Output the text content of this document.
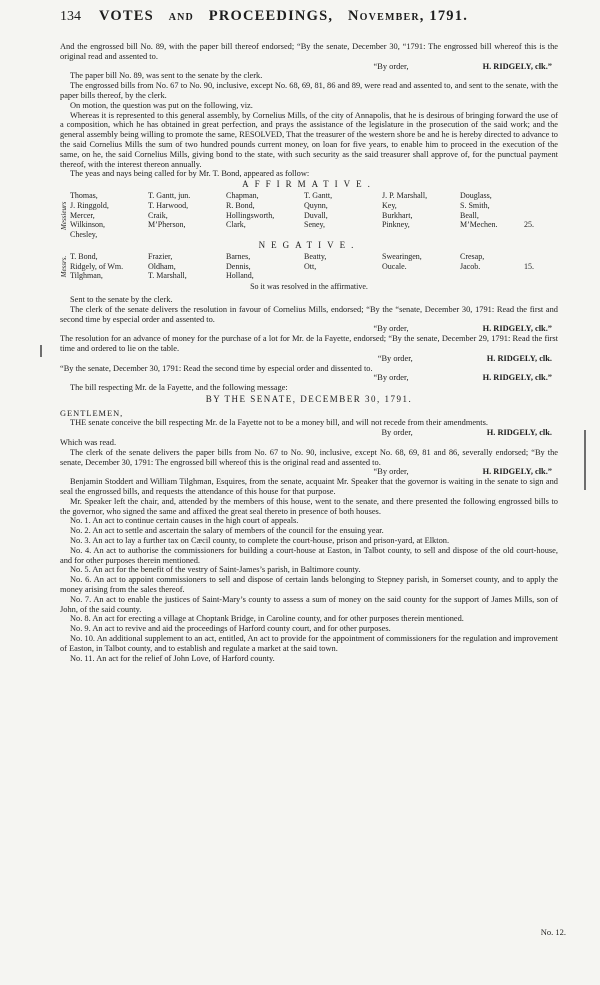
134 VOTES and PROCEEDINGS, November, 1791.

And the engrossed bill No. 89, with the paper bill thereof endorsed; “By the senate, December 30, “1791: The engrossed bill whereof this is the original read and assented to.

“By order,	H. RIDGELY, clk.”

The paper bill No. 89, was sent to the senate by the clerk.

The engrossed bills from No. 67 to No. 90, inclusive, except No. 68, 69, 81, 86 and 89, were read and assented to, and sent to the senate, with the paper bills thereof, by the clerk.

On motion, the question was put on the following, viz.

Whereas it is represented to this general assembly, by Cornelius Mills, of the city of Annapolis, that he is desirous of bringing forward the use of a composition, which he has obtained in great perfection, and prays the assistance of the legislature in the prosecution of the said work; and the general assembly being willing to promote the same, RESOLVED, That the treasurer of the western shore be and he is hereby directed to advance to the said Cornelius Mills the sum of two hundred pounds current money, on loan for five years, to enable him to proceed in the execution of the same, on he, the said Cornelius Mills, giving bond to the state, with such security as the said treasurer shall approve of, for the punctual payment thereof, with the interest thereon annually.

The yeas and nays being called for by Mr. T. Bond, appeared as follow:

AFFIRMATIVE.
Messieurs
Thomas,	T. Gantt, jun.	Chapman,	T. Gantt,	J. P. Marshall,	Douglass,
J. Ringgold,	T. Harwood,	R. Bond,	Quynn,	Key,	S. Smith,
Mercer,	Craik,	Hollingsworth,	Duvall,	Burkhart,	Beall,
Wilkinson,	M’Pherson,	Clark,	Seney,	Pinkney,	M’Mechen.	25.
Chesley,
NEGATIVE.
Messrs. T. Bond,	Frazier,	Barnes,	Beatty,	Swearingen,	Cresap,
Ridgely, of Wm.	Oldham,	Dennis,	Ott,	Oucale.	Jacob.	15.
Tilghman,	T. Marshall,	Holland,
So it was resolved in the affirmative.

Sent to the senate by the clerk.

The clerk of the senate delivers the resolution in favour of Cornelius Mills, endorsed; “By the “senate, December 30, 1791: Read the first and second time by especial order and assented to.

“By order,	H. RIDGELY, clk.”

The resolution for an advance of money for the purchase of a lot for Mr. de la Fayette, endorsed; “By the senate, December 29, 1791: Read the first time and ordered to lie on the table.

“By order,	H. RIDGELY, clk.

“By the senate, December 30, 1791: Read the second time by especial order and dissented to.

“By order,	H. RIDGELY, clk.”

The bill respecting Mr. de la Fayette, and the following message:

BY THE SENATE, DECEMBER 30, 1791.
GENTLEMEN,

THE senate conceive the bill respecting Mr. de la Fayette not to be a money bill, and will not recede from their amendments.

By order,	H. RIDGELY, clk.

Which was read.

The clerk of the senate delivers the paper bills from No. 67 to No. 90, inclusive, except No. 68, 69, 81 and 86, severally endorsed; “By the senate, December 30, 1791: The engrossed bill whereof this is the original read and assented to.

“By order,	H. RIDGELY, clk.”

Benjamin Stoddert and William Tilghman, Esquires, from the senate, acquaint Mr. Speaker that the governor is waiting in the senate to sign and seal the engrossed bills, and requests the attendance of this house for that purpose.

Mr. Speaker left the chair, and, attended by the members of this house, went to the senate, and there presented the following engrossed bills to the governor, who signed the same and affixed the great seal thereto in presence of both houses.

No. 1. An act to continue certain causes in the high court of appeals.

No. 2. An act to settle and ascertain the salary of members of the council for the ensuing year.

No. 3. An act to lay a further tax on Cæcil county, to complete the court-house, prison and prison-yard, at Elkton.

No. 4. An act to authorise the commissioners for building a court-house at Easton, in Talbot county, to sell and dispose of the old court-house, and for other purposes therein mentioned.

No. 5. An act for the benefit of the vestry of Saint-James’s parish, in Baltimore county.

No. 6. An act to appoint commissioners to sell and dispose of certain lands belonging to Stepney parish, in Somerset county, and to apply the money arising from the sales thereof.

No. 7. An act to enable the justices of Saint-Mary’s county to assess a sum of money on the said county for the support of James Mills, son of John, of the said county.

No. 8. An act for erecting a village at Choptank Bridge, in Caroline county, and for other purposes therein mentioned.

No. 9. An act to revive and aid the proceedings of Harford county court, and for other purposes.

No. 10. An additional supplement to an act, entitled, An act to provide for the appointment of commissioners for the regulation and improvement of Easton, in Talbot county, and to establish and regulate a market at the said town.

No. 11. An act for the relief of John Love, of Harford county.

No. 12.
